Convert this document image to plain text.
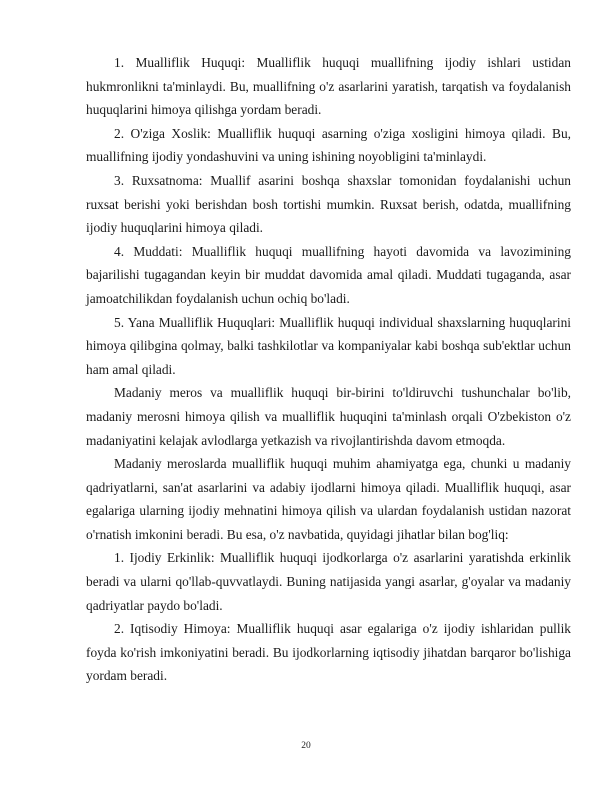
1. Mualliflik Huquqi: Mualliflik huquqi muallifning ijodiy ishlari ustidan hukmronlikni ta'minlaydi. Bu, muallifning o'z asarlarini yaratish, tarqatish va foydalanish huquqlarini himoya qilishga yordam beradi.

2. O'ziga Xoslik: Mualliflik huquqi asarning o'ziga xosligini himoya qiladi. Bu, muallifning ijodiy yondashuvini va uning ishining noyobligini ta'minlaydi.

3. Ruxsatnoma: Muallif asarini boshqa shaxslar tomonidan foydalanishi uchun ruxsat berishi yoki berishdan bosh tortishi mumkin. Ruxsat berish, odatda, muallifning ijodiy huquqlarini himoya qiladi.

4. Muddati: Mualliflik huquqi muallifning hayoti davomida va lavozimining bajarilishi tugagandan keyin bir muddat davomida amal qiladi. Muddati tugaganda, asar jamoatchilikdan foydalanish uchun ochiq bo'ladi.

5. Yana Mualliflik Huquqlari: Mualliflik huquqi individual shaxslarning huquqlarini himoya qilibgina qolmay, balki tashkilotlar va kompaniyalar kabi boshqa sub'ektlar uchun ham amal qiladi.

Madaniy meros va mualliflik huquqi bir-birini to'ldiruvchi tushunchalar bo'lib, madaniy merosni himoya qilish va mualliflik huquqini ta'minlash orqali O'zbekiston o'z madaniyatini kelajak avlodlarga yetkazish va rivojlantirishda davom etmoqda.

Madaniy meroslarda mualliflik huquqi muhim ahamiyatga ega, chunki u madaniy qadriyatlarni, san'at asarlarini va adabiy ijodlarni himoya qiladi. Mualliflik huquqi, asar egalariga ularning ijodiy mehnatini himoya qilish va ulardan foydalanish ustidan nazorat o'rnatish imkonini beradi. Bu esa, o'z navbatida, quyidagi jihatlar bilan bog'liq:

1. Ijodiy Erkinlik: Mualliflik huquqi ijodkorlarga o'z asarlarini yaratishda erkinlik beradi va ularni qo'llab-quvvatlaydi. Buning natijasida yangi asarlar, g'oyalar va madaniy qadriyatlar paydo bo'ladi.

2. Iqtisodiy Himoya: Mualliflik huquqi asar egalariga o'z ijodiy ishlaridan pullik foyda ko'rish imkoniyatini beradi. Bu ijodkorlarning iqtisodiy jihatdan barqaror bo'lishiga yordam beradi.

20
